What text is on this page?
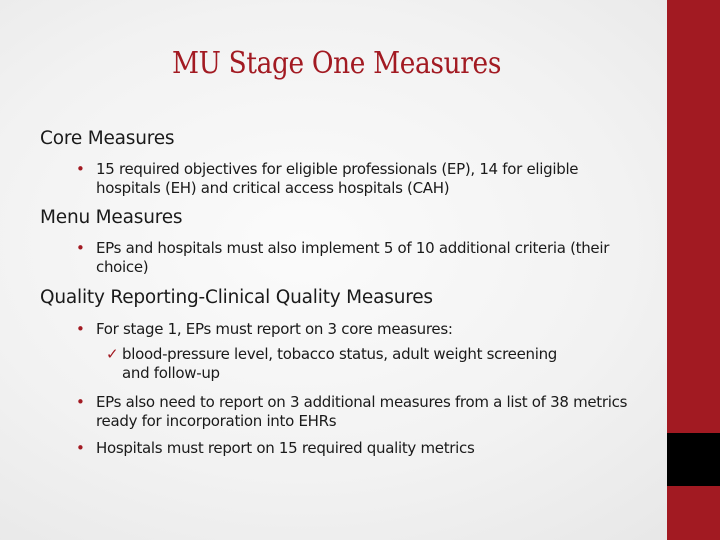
MU Stage One Measures
Core Measures
• 15 required objectives for eligible professionals (EP), 14 for eligible hospitals (EH) and critical access hospitals (CAH)
Menu Measures
• EPs and hospitals must also implement 5 of 10 additional criteria (their choice)
Quality Reporting-Clinical Quality Measures
• For stage 1, EPs must report on 3 core measures:
✓ blood-pressure level, tobacco status, adult weight screening and follow-up
• EPs also need to report on 3 additional measures from a list of 38 metrics ready for incorporation into EHRs
• Hospitals must report on 15 required quality metrics
